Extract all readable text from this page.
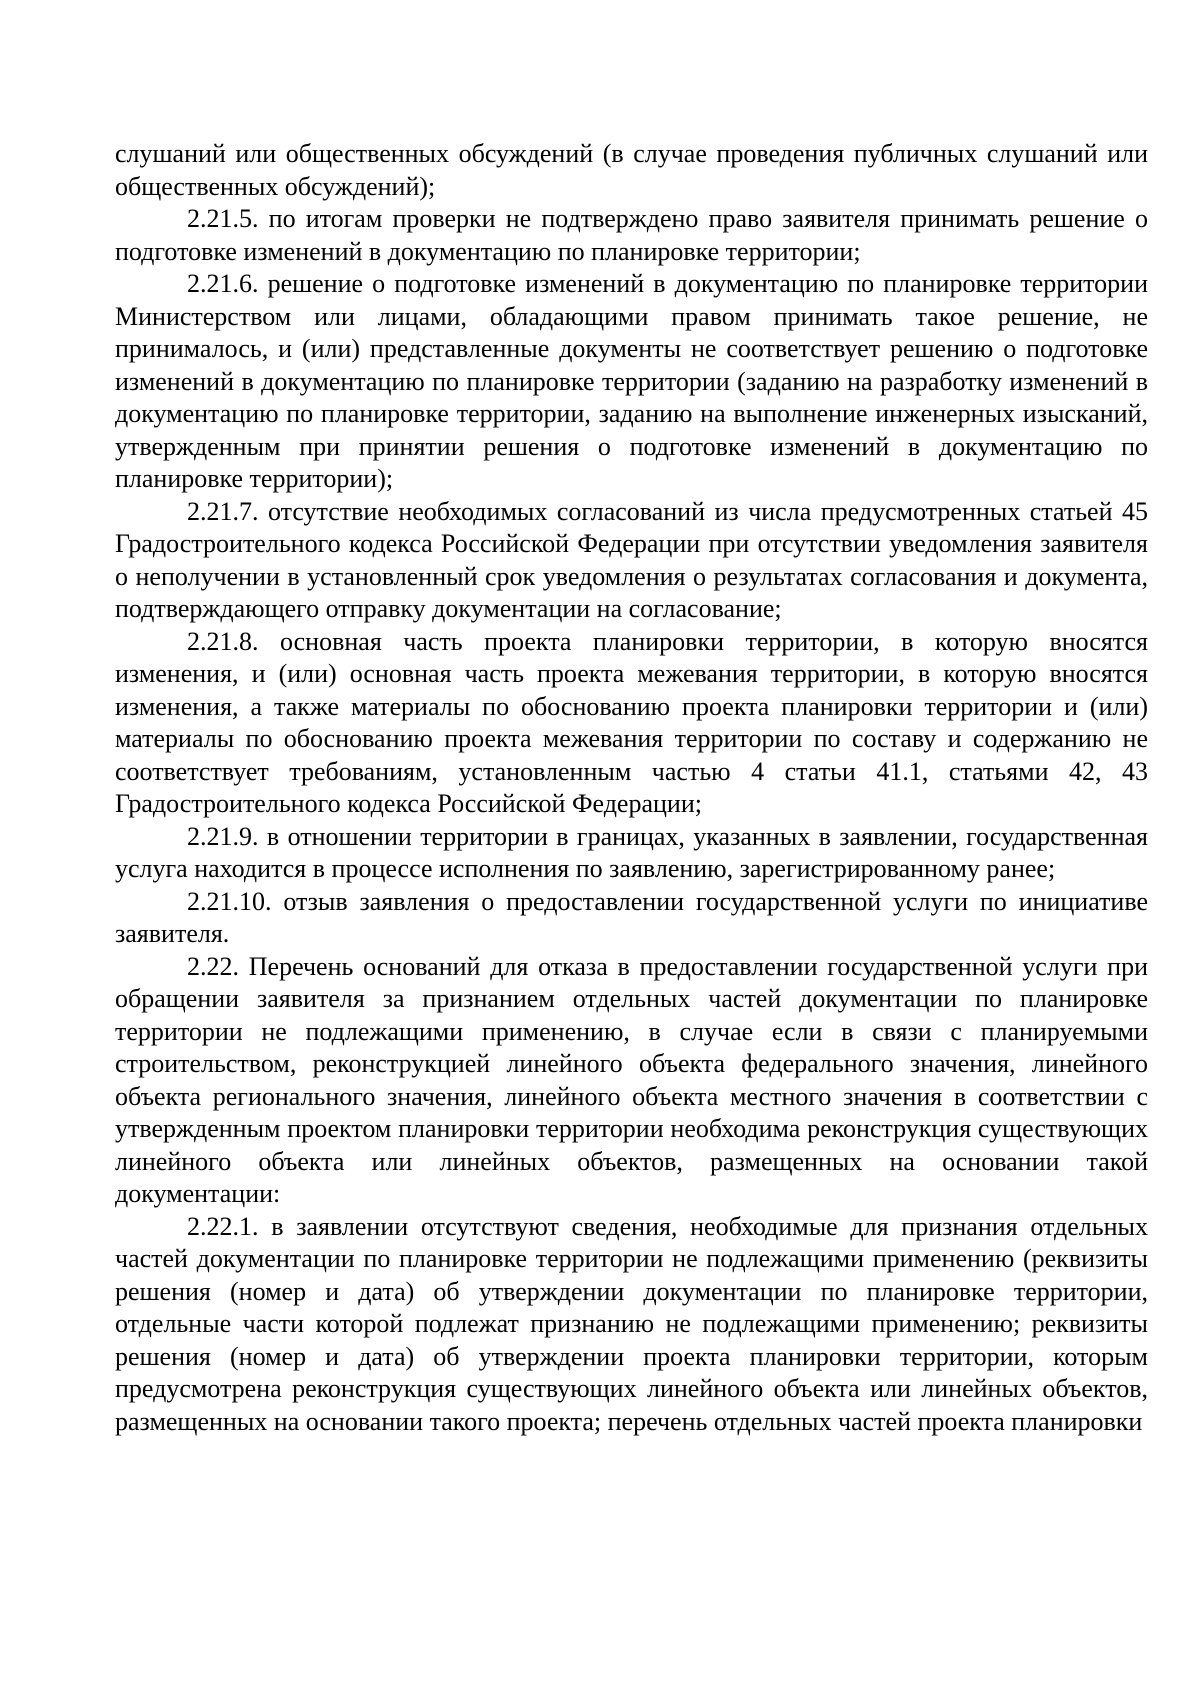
слушаний или общественных обсуждений (в случае проведения публичных слушаний или общественных обсуждений);

2.21.5. по итогам проверки не подтверждено право заявителя принимать решение о подготовке изменений в документацию по планировке территории;

2.21.6. решение о подготовке изменений в документацию по планировке территории Министерством или лицами, обладающими правом принимать такое решение, не принималось, и (или) представленные документы не соответствует решению о подготовке изменений в документацию по планировке территории (заданию на разработку изменений в документацию по планировке территории, заданию на выполнение инженерных изысканий, утвержденным при принятии решения о подготовке изменений в документацию по планировке территории);

2.21.7. отсутствие необходимых согласований из числа предусмотренных статьей 45 Градостроительного кодекса Российской Федерации при отсутствии уведомления заявителя о неполучении в установленный срок уведомления о результатах согласования и документа, подтверждающего отправку документации на согласование;

2.21.8. основная часть проекта планировки территории, в которую вносятся изменения, и (или) основная часть проекта межевания территории, в которую вносятся изменения, а также материалы по обоснованию проекта планировки территории и (или) материалы по обоснованию проекта межевания территории по составу и содержанию не соответствует требованиям, установленным частью 4 статьи 41.1, статьями 42, 43 Градостроительного кодекса Российской Федерации;

2.21.9. в отношении территории в границах, указанных в заявлении, государственная услуга находится в процессе исполнения по заявлению, зарегистрированному ранее;

2.21.10. отзыв заявления о предоставлении государственной услуги по инициативе заявителя.

2.22. Перечень оснований для отказа в предоставлении государственной услуги при обращении заявителя за признанием отдельных частей документации по планировке территории не подлежащими применению, в случае если в связи с планируемыми строительством, реконструкцией линейного объекта федерального значения, линейного объекта регионального значения, линейного объекта местного значения в соответствии с утвержденным проектом планировки территории необходима реконструкция существующих линейного объекта или линейных объектов, размещенных на основании такой документации:

2.22.1. в заявлении отсутствуют сведения, необходимые для признания отдельных частей документации по планировке территории не подлежащими применению (реквизиты решения (номер и дата) об утверждении документации по планировке территории, отдельные части которой подлежат признанию не подлежащими применению; реквизиты решения (номер и дата) об утверждении проекта планировки территории, которым предусмотрена реконструкция существующих линейного объекта или линейных объектов, размещенных на основании такого проекта; перечень отдельных частей проекта планировки
